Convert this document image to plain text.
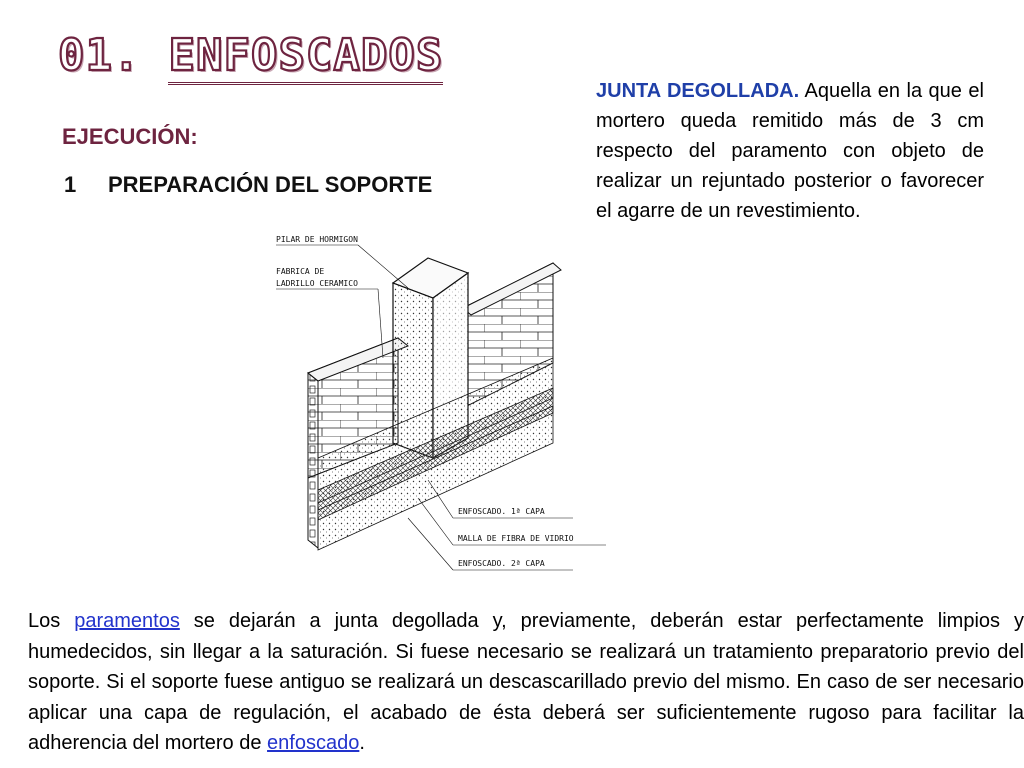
01. ENFOSCADOS
EJECUCIÓN:
1 PREPARACIÓN DEL SOPORTE
JUNTA DEGOLLADA. Aquella en la que el mortero queda remitido más de 3 cm respecto del paramento con objeto de realizar un rejuntado posterior o favorecer el agarre de un revestimiento.
PILAR DE HORMIGON
FABRICA DE
LADRILLO CERAMICO
ENFOSCADO. 1ª CAPA
MALLA DE FIBRA DE VIDRIO
ENFOSCADO. 2ª CAPA

Los paramentos se dejarán a junta degollada y, previamente, deberán estar perfectamente limpios y humedecidos, sin llegar a la saturación. Si fuese necesario se realizará un tratamiento preparatorio previo del soporte. Si el soporte fuese antiguo se realizará un descascarillado previo del mismo. En caso de ser necesario aplicar una capa de regulación, el acabado de ésta deberá ser suficientemente rugoso para facilitar la adherencia del mortero de enfoscado.
